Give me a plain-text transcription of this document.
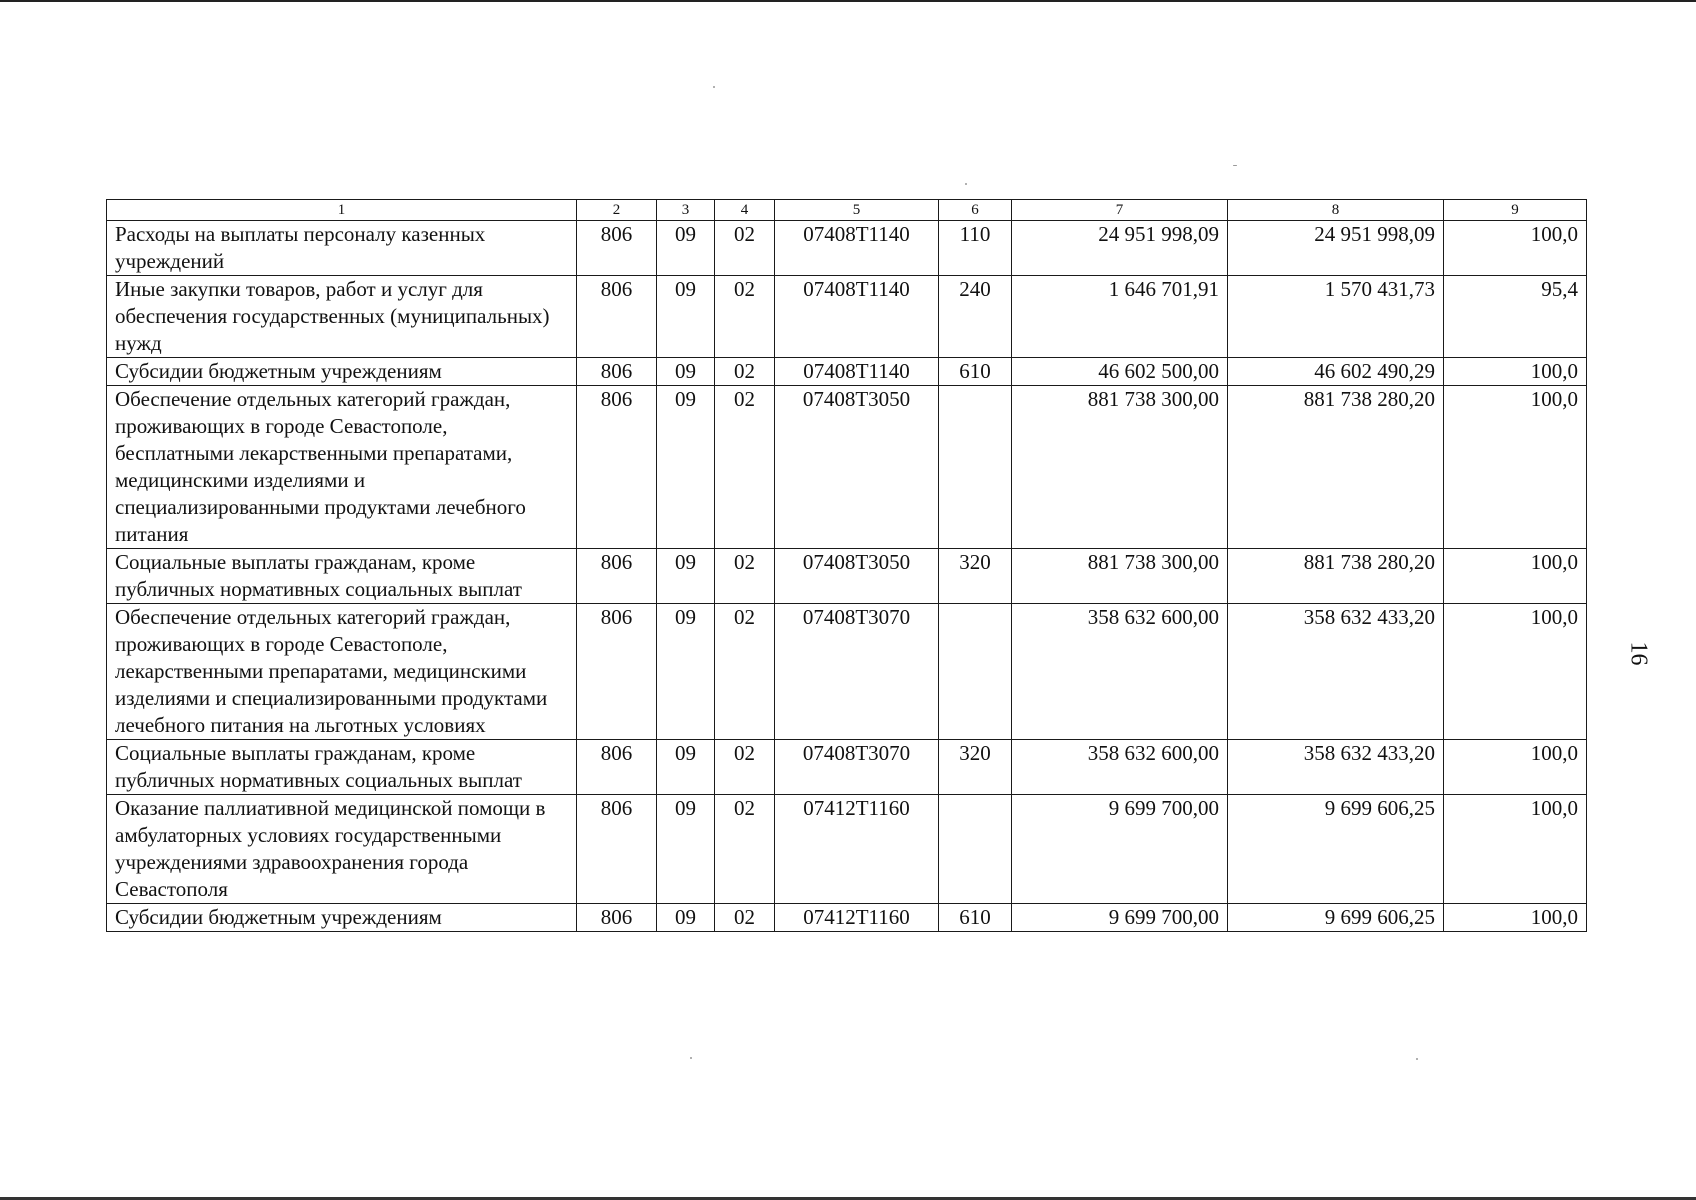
1	2	3	4	5	6	7	8	9
Расходы на выплаты персоналу казенных учреждений	806	09	02	07408Т1140	110	24 951 998,09	24 951 998,09	100,0
Иные закупки товаров, работ и услуг для обеспечения государственных (муниципальных) нужд	806	09	02	07408Т1140	240	1 646 701,91	1 570 431,73	95,4
Субсидии бюджетным учреждениям	806	09	02	07408Т1140	610	46 602 500,00	46 602 490,29	100,0
Обеспечение отдельных категорий граждан, проживающих в городе Севастополе, бесплатными лекарственными препаратами, медицинскими изделиями и специализированными продуктами лечебного питания	806	09	02	07408Т3050		881 738 300,00	881 738 280,20	100,0
Социальные выплаты гражданам, кроме публичных нормативных социальных выплат	806	09	02	07408Т3050	320	881 738 300,00	881 738 280,20	100,0
Обеспечение отдельных категорий граждан, проживающих в городе Севастополе, лекарственными препаратами, медицинскими изделиями и специализированными продуктами лечебного питания на льготных условиях	806	09	02	07408Т3070		358 632 600,00	358 632 433,20	100,0
Социальные выплаты гражданам, кроме публичных нормативных социальных выплат	806	09	02	07408Т3070	320	358 632 600,00	358 632 433,20	100,0
Оказание паллиативной медицинской помощи в амбулаторных условиях государственными учреждениями здравоохранения города Севастополя	806	09	02	07412Т1160		9 699 700,00	9 699 606,25	100,0
Субсидии бюджетным учреждениям	806	09	02	07412Т1160	610	9 699 700,00	9 699 606,25	100,0
16
